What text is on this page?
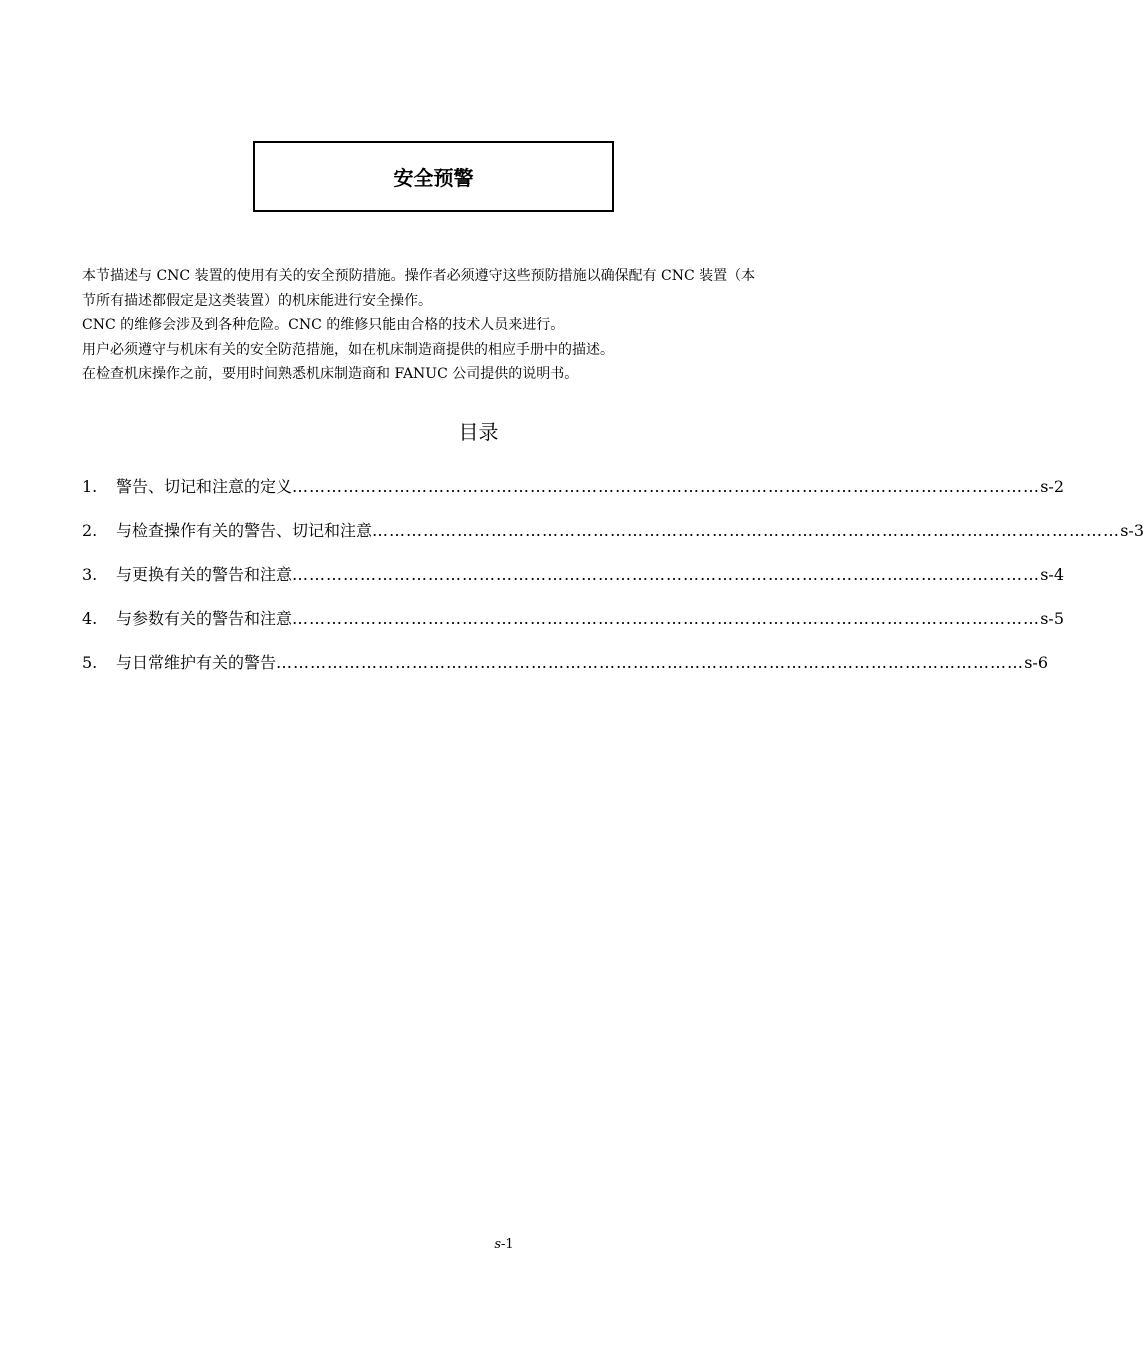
安全预警

本节描述与 CNC 装置的使用有关的安全预防措施。操作者必须遵守这些预防措施以确保配有 CNC 装置（本

节所有描述都假定是这类装置）的机床能进行安全操作。

CNC 的维修会涉及到各种危险。CNC 的维修只能由合格的技术人员来进行。

用户必须遵守与机床有关的安全防范措施，如在机床制造商提供的相应手册中的描述。

在检查机床操作之前，要用时间熟悉机床制造商和 FANUC 公司提供的说明书。

目录
1.	警告、切记和注意的定义 …………………………………………………………………………………………………………………… s-2
2.	与检查操作有关的警告、切记和注意 …………………………………………………………………………………………………………………… s-3
3.	与更换有关的警告和注意 …………………………………………………………………………………………………………………… s-4
4.	与参数有关的警告和注意 …………………………………………………………………………………………………………………… s-5
5.	与日常维护有关的警告 …………………………………………………………………………………………………………………… s-6
s-1
